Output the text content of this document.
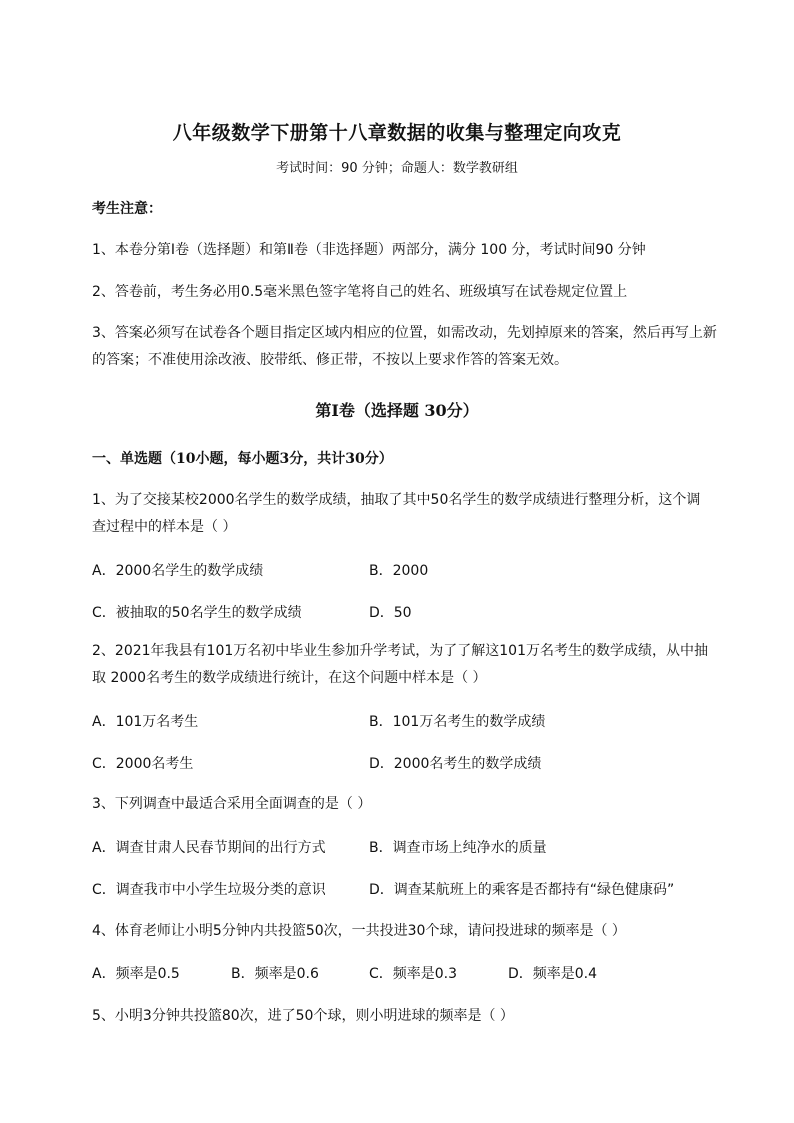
八年级数学下册第十八章数据的收集与整理定向攻克
考试时间：90 分钟；命题人：数学教研组
考生注意：
1、本卷分第Ⅰ卷（选择题）和第Ⅱ卷（非选择题）两部分，满分 100 分，考试时间90 分钟
2、答卷前，考生务必用0.5毫米黑色签字笔将自己的姓名、班级填写在试卷规定位置上
3、答案必须写在试卷各个题目指定区域内相应的位置，如需改动，先划掉原来的答案，然后再写上新
的答案；不准使用涂改液、胶带纸、修正带，不按以上要求作答的答案无效。
第Ⅰ卷（选择题 30分）
一、单选题（10小题，每小题3分，共计30分）
1、为了交接某校2000名学生的数学成绩，抽取了其中50名学生的数学成绩进行整理分析，这个调
查过程中的样本是（ ）
A．2000名学生的数学成绩	B．2000
C．被抽取的50名学生的数学成绩	D．50
2、2021年我县有101万名初中毕业生参加升学考试，为了了解这101万名考生的数学成绩，从中抽
取 2000名考生的数学成绩进行统计，在这个问题中样本是（ ）
A．101万名考生	B．101万名考生的数学成绩
C．2000名考生	D．2000名考生的数学成绩
3、下列调查中最适合采用全面调查的是（ ）
A．调查甘肃人民春节期间的出行方式	B．调查市场上纯净水的质量
C．调查我市中小学生垃圾分类的意识	D．调查某航班上的乘客是否都持有“绿色健康码”
4、体育老师让小明5分钟内共投篮50次，一共投进30个球，请问投进球的频率是（ ）
A．频率是0.5	B．频率是0.6	C．频率是0.3	D．频率是0.4
5、小明3分钟共投篮80次，进了50个球，则小明进球的频率是（ ）
